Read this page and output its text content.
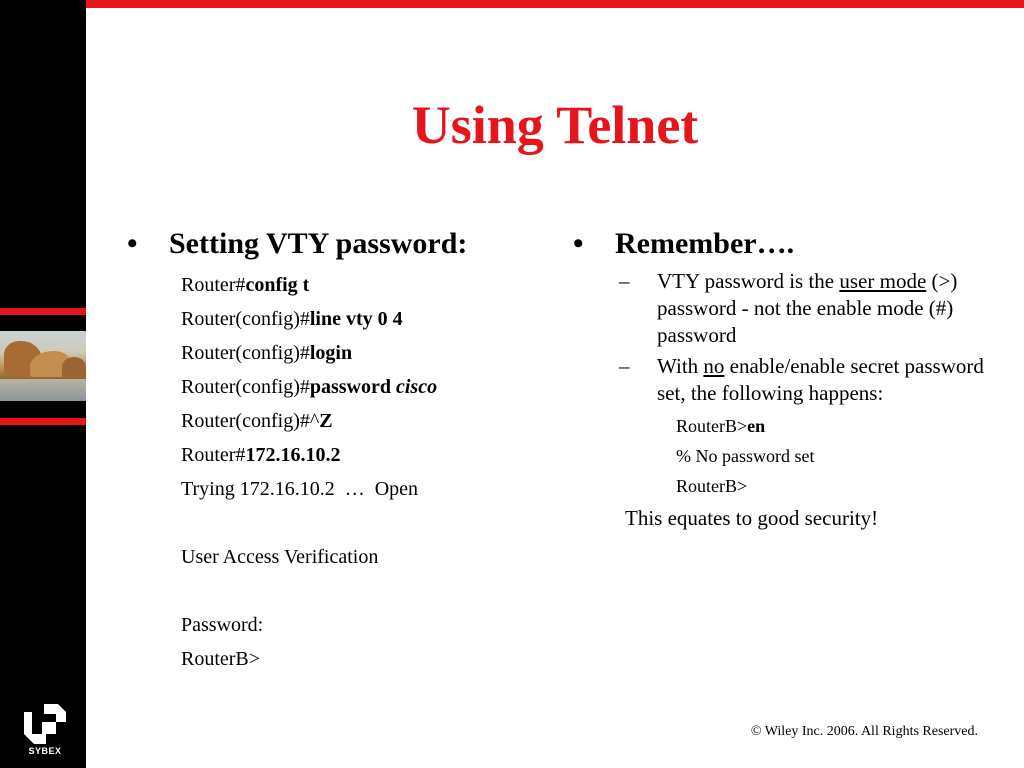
SYBEX
Using Telnet
•	Setting VTY password:
Router#config t
Router(config)#line vty 0 4
Router(config)#login
Router(config)#password cisco
Router(config)#^Z
Router#172.16.10.2
Trying 172.16.10.2  …  Open
User Access Verification
Password:
RouterB>
•	Remember….
–	VTY password is the user mode (>) password - not the enable mode (#) password
–	With no enable/enable secret password set, the following happens:
RouterB>en
% No password set
RouterB>
This equates to good security!
© Wiley Inc. 2006. All Rights Reserved.
